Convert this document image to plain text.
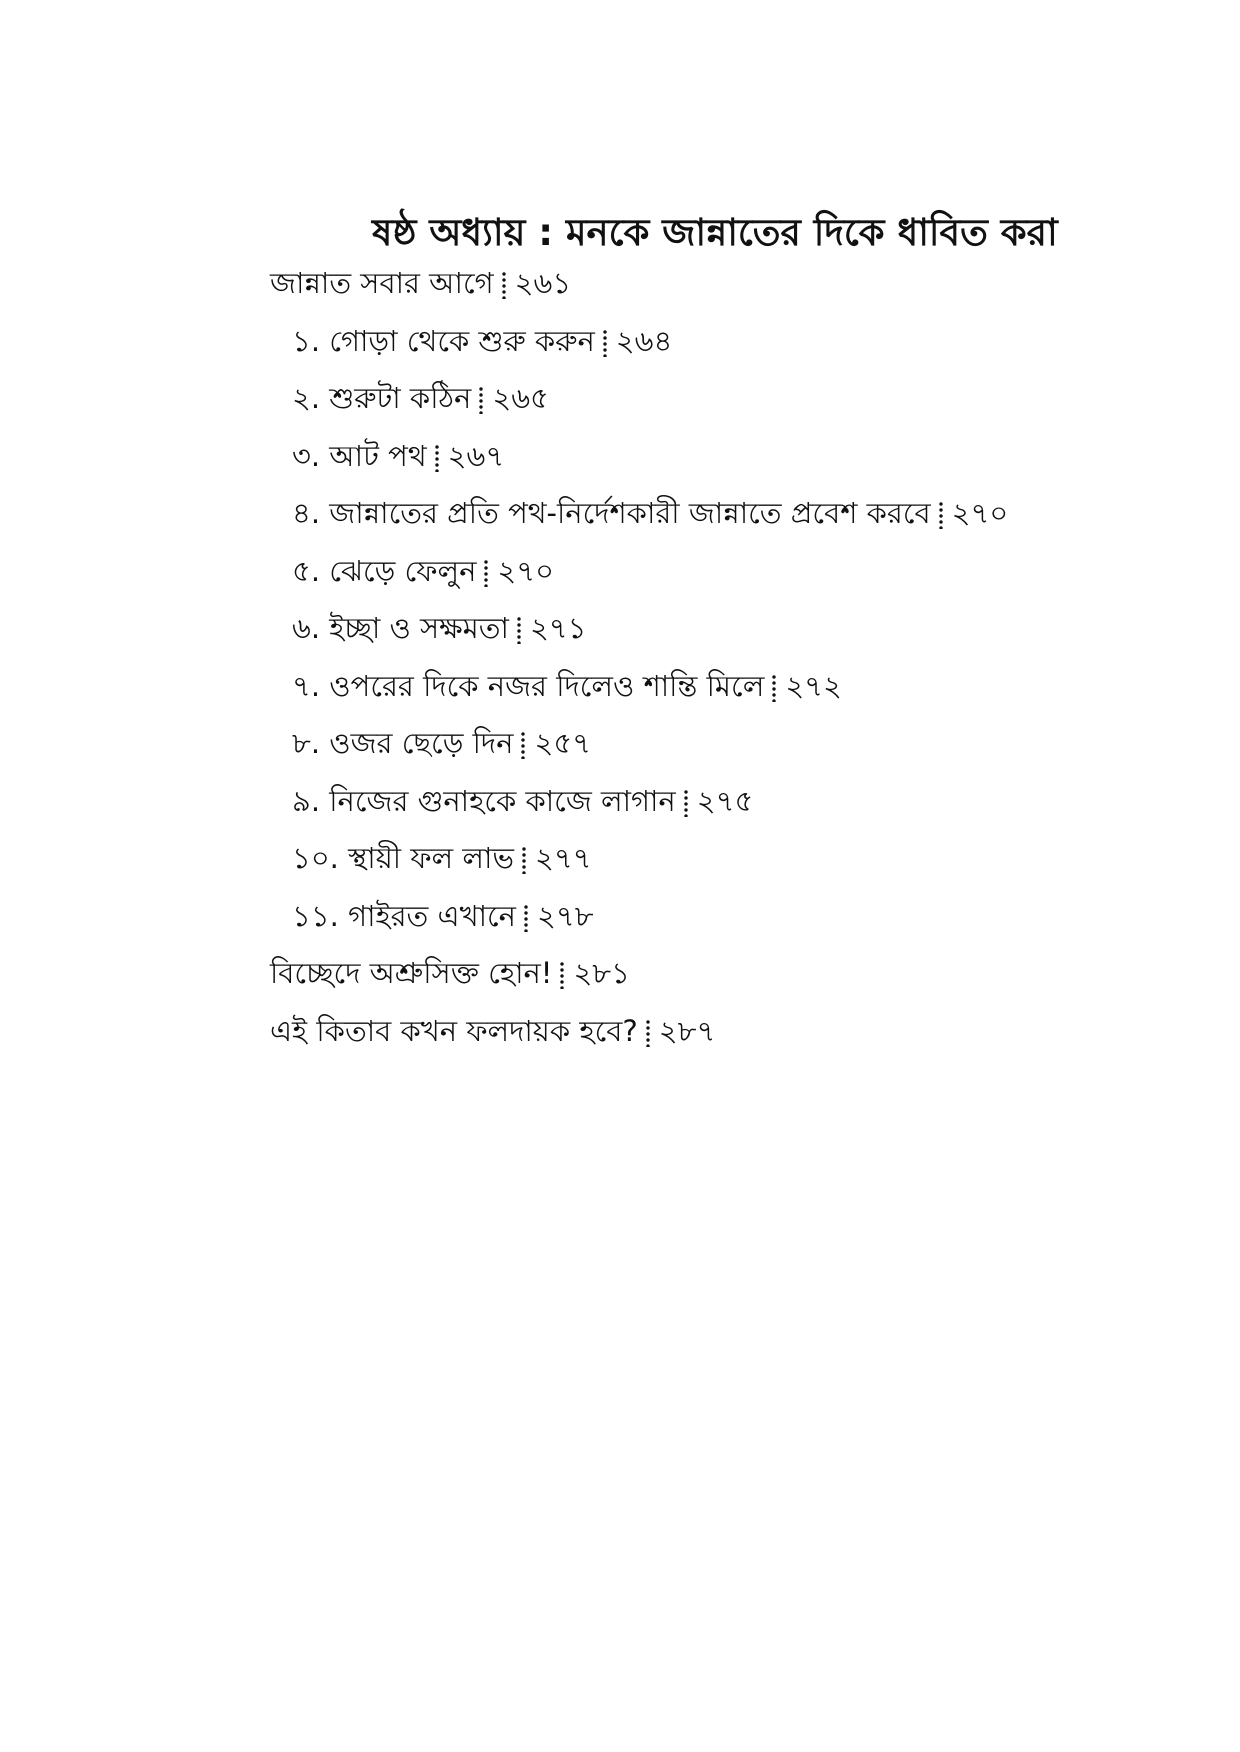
ষষ্ঠ অধ্যায় : মনকে জান্নাতের দিকে ধাবিত করা
জান্নাত সবার আগে ২৬১
১. গোড়া থেকে শুরু করুন ২৬৪
২. শুরুটা কঠিন ২৬৫
৩. আট পথ ২৬৭
৪. জান্নাতের প্রতি পথ-নির্দেশকারী জান্নাতে প্রবেশ করবে ২৭০
৫. ঝেড়ে ফেলুন ২৭০
৬. ইচ্ছা ও সক্ষমতা ২৭১
৭. ওপরের দিকে নজর দিলেও শান্তি মিলে ২৭২
৮. ওজর ছেড়ে দিন ২৫৭
৯. নিজের গুনাহকে কাজে লাগান ২৭৫
১০. স্থায়ী ফল লাভ ২৭৭
১১. গাইরত এখানে ২৭৮
বিচ্ছেদে অশ্রুসিক্ত হোন! ২৮১
এই কিতাব কখন ফলদায়ক হবে? ২৮৭
